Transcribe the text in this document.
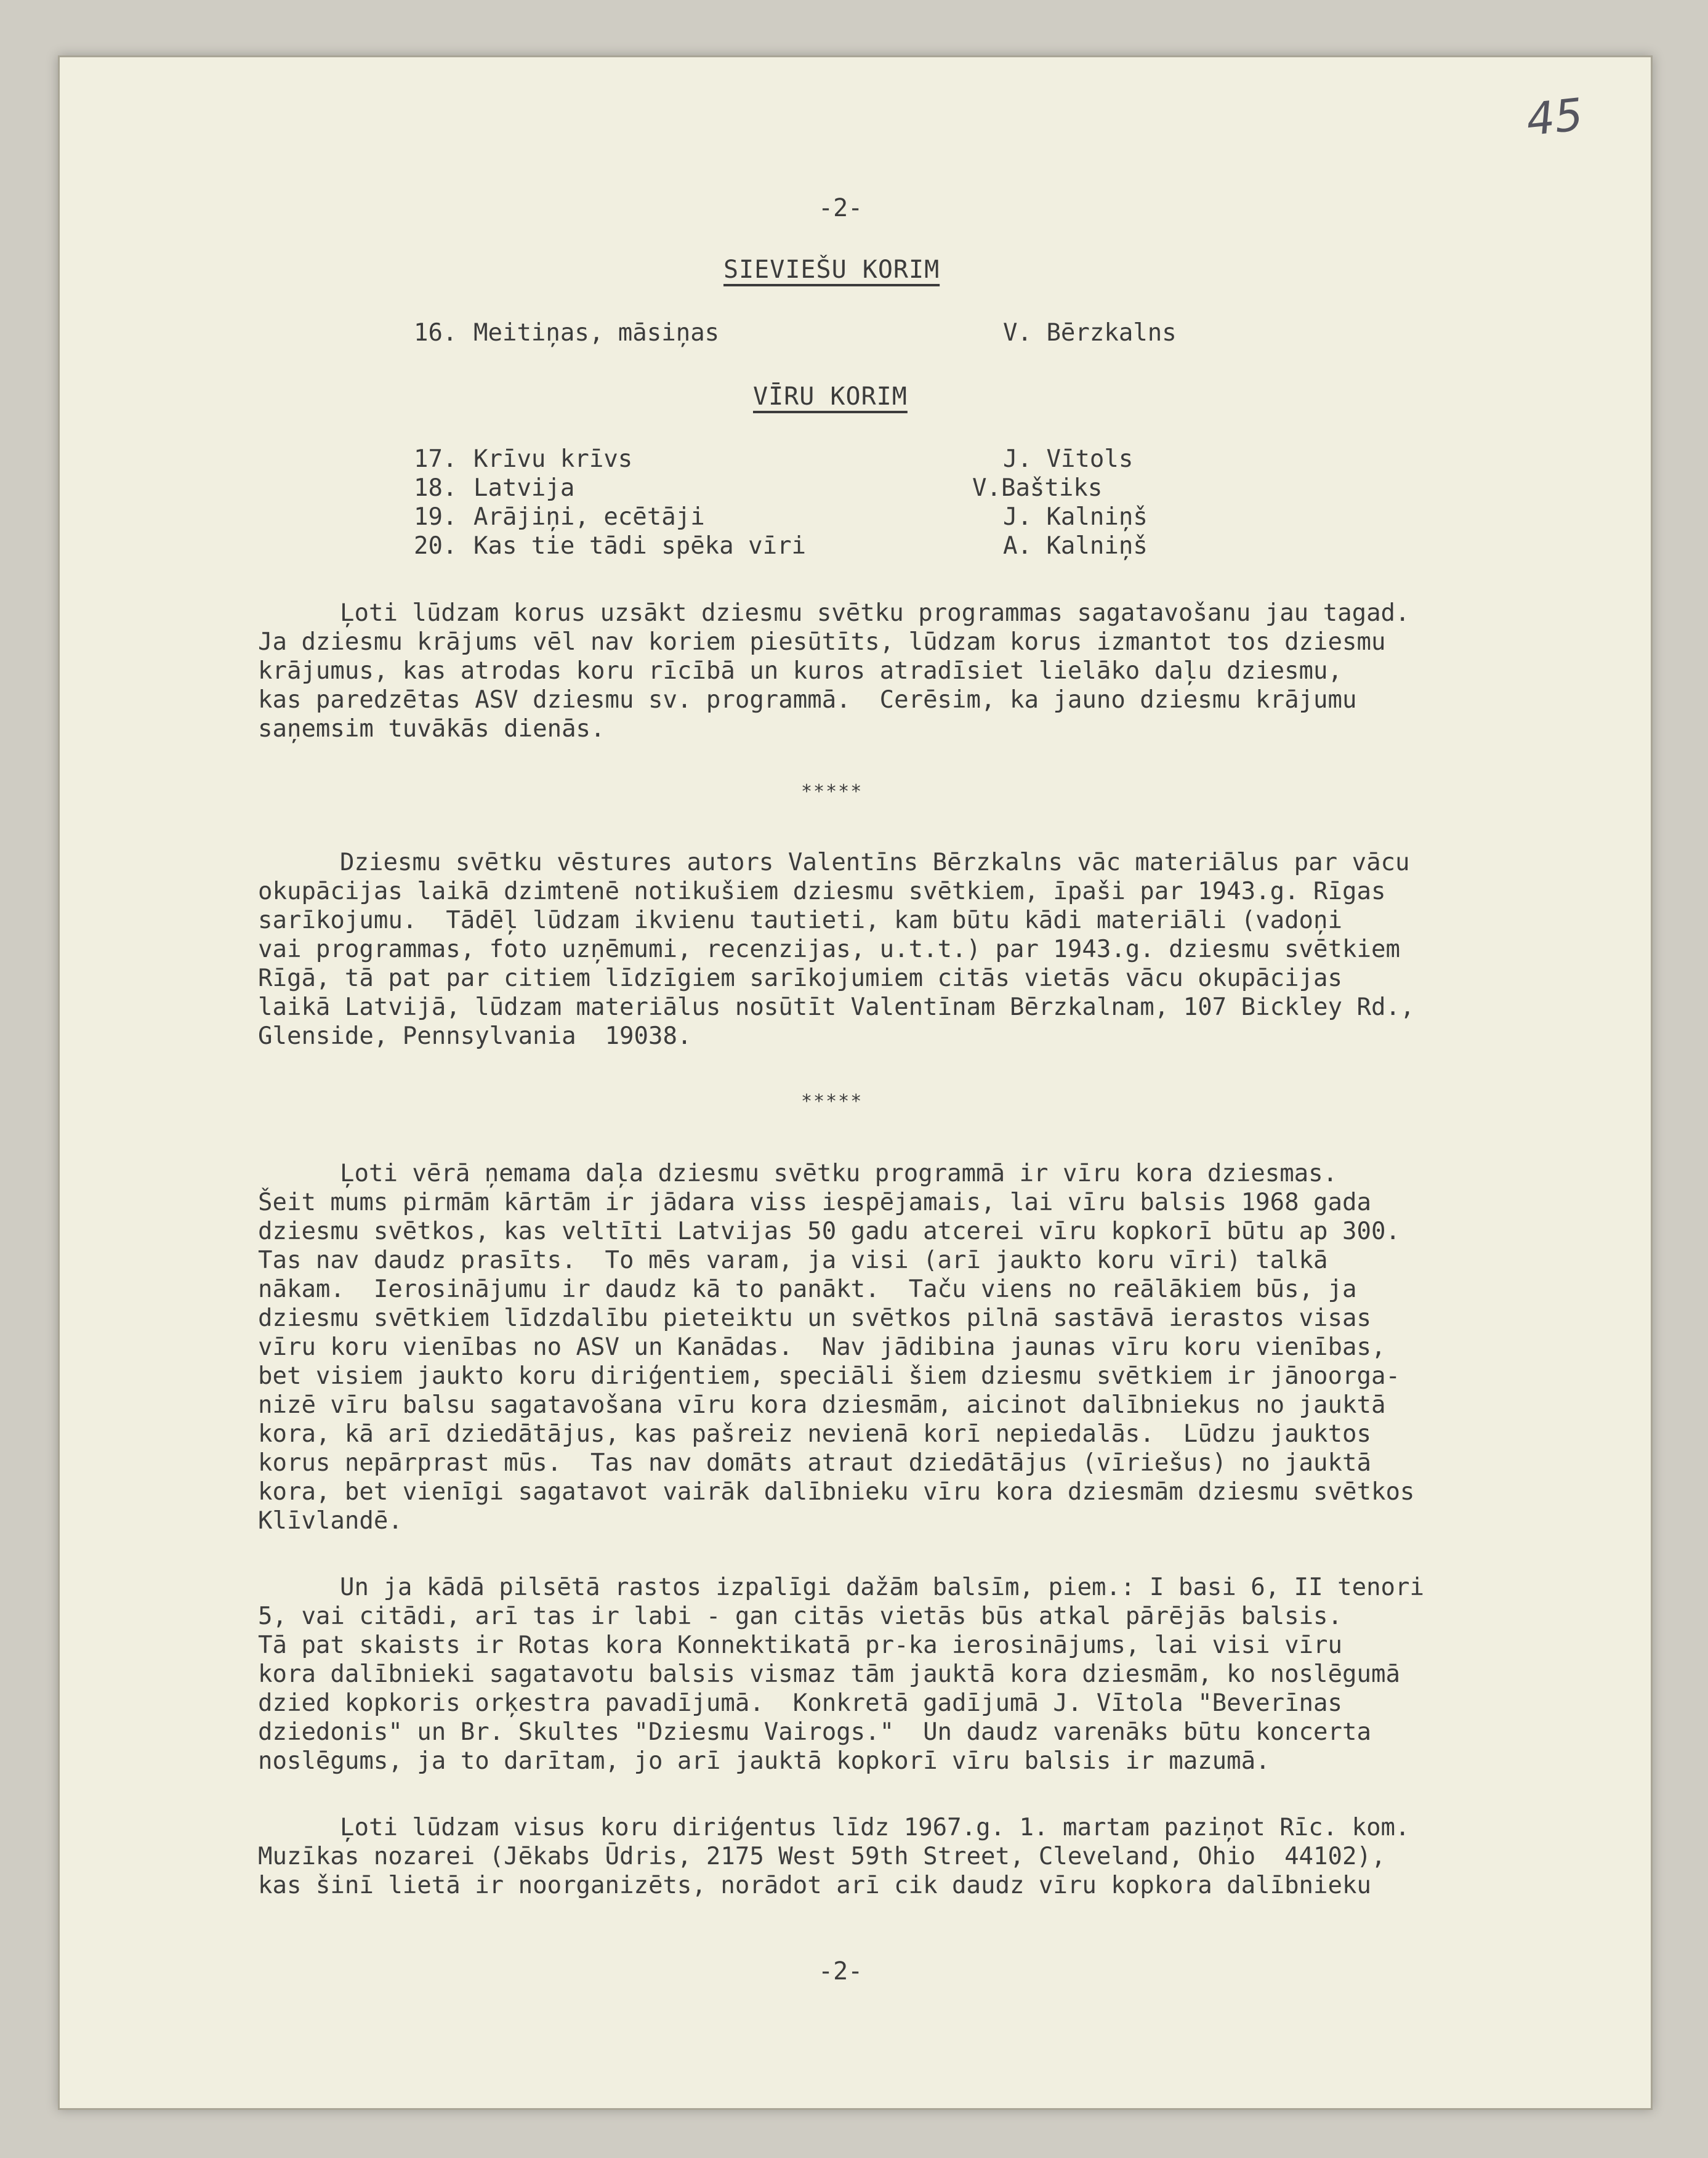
45
-2-
SIEVIEŠU KORIM
16. Meitiņas, māsiņas	V. Bērzkalns
VĪRU KORIM
17. Krīvu krīvs	J. Vītols
18. Latvija	V.Baštiks
19. Arājiņi, ecētāji	J. Kalniņš
20. Kas tie tādi spēka vīri	A. Kalniņš
Ļoti lūdzam korus uzsākt dziesmu svētku programmas sagatavošanu jau tagad.
Ja dziesmu krājums vēl nav koriem piesūtīts, lūdzam korus izmantot tos dziesmu
krājumus, kas atrodas koru rīcībā un kuros atradīsiet lielāko daļu dziesmu,
kas paredzētas ASV dziesmu sv. programmā.  Cerēsim, ka jauno dziesmu krājumu
saņemsim tuvākās dienās.
*****
Dziesmu svētku vēstures autors Valentīns Bērzkalns vāc materiālus par vācu
okupācijas laikā dzimtenē notikušiem dziesmu svētkiem, īpaši par 1943.g. Rīgas
sarīkojumu.  Tādēļ lūdzam ikvienu tautieti, kam būtu kādi materiāli (vadoņi
vai programmas, foto uzņēmumi, recenzijas, u.t.t.) par 1943.g. dziesmu svētkiem
Rīgā, tā pat par citiem līdzīgiem sarīkojumiem citās vietās vācu okupācijas
laikā Latvijā, lūdzam materiālus nosūtīt Valentīnam Bērzkalnam, 107 Bickley Rd.,
Glenside, Pennsylvania  19038.
*****
Ļoti vērā ņemama daļa dziesmu svētku programmā ir vīru kora dziesmas.
Šeit mums pirmām kārtām ir jādara viss iespējamais, lai vīru balsis 1968 gada
dziesmu svētkos, kas veltīti Latvijas 50 gadu atcerei vīru kopkorī būtu ap 300.
Tas nav daudz prasīts.  To mēs varam, ja visi (arī jaukto koru vīri) talkā
nākam.  Ierosinājumu ir daudz kā to panākt.  Taču viens no reālākiem būs, ja
dziesmu svētkiem līdzdalību pieteiktu un svētkos pilnā sastāvā ierastos visas
vīru koru vienības no ASV un Kanādas.  Nav jādibina jaunas vīru koru vienības,
bet visiem jaukto koru diriģentiem, speciāli šiem dziesmu svētkiem ir jānoorga-
nizē vīru balsu sagatavošana vīru kora dziesmām, aicinot dalībniekus no jauktā
kora, kā arī dziedātājus, kas pašreiz nevienā korī nepiedalās.  Lūdzu jauktos
korus nepārprast mūs.  Tas nav domāts atraut dziedātājus (vīriešus) no jauktā
kora, bet vienīgi sagatavot vairāk dalībnieku vīru kora dziesmām dziesmu svētkos
Klīvlandē.
Un ja kādā pilsētā rastos izpalīgi dažām balsīm, piem.: I basi 6, II tenori
5, vai citādi, arī tas ir labi - gan citās vietās būs atkal pārējās balsis.
Tā pat skaists ir Rotas kora Konnektikatā pr-ka ierosinājums, lai visi vīru
kora dalībnieki sagatavotu balsis vismaz tām jauktā kora dziesmām, ko noslēgumā
dzied kopkoris orķestra pavadījumā.  Konkretā gadījumā J. Vītola "Beverīnas
dziedonis" un Br. Skultes "Dziesmu Vairogs."  Un daudz varenāks būtu koncerta
noslēgums, ja to darītam, jo arī jauktā kopkorī vīru balsis ir mazumā.
Ļoti lūdzam visus koru diriģentus līdz 1967.g. 1. martam paziņot Rīc. kom.
Muzīkas nozarei (Jēkabs Ūdris, 2175 West 59th Street, Cleveland, Ohio  44102),
kas šinī lietā ir noorganizēts, norādot arī cik daudz vīru kopkora dalībnieku
-2-
